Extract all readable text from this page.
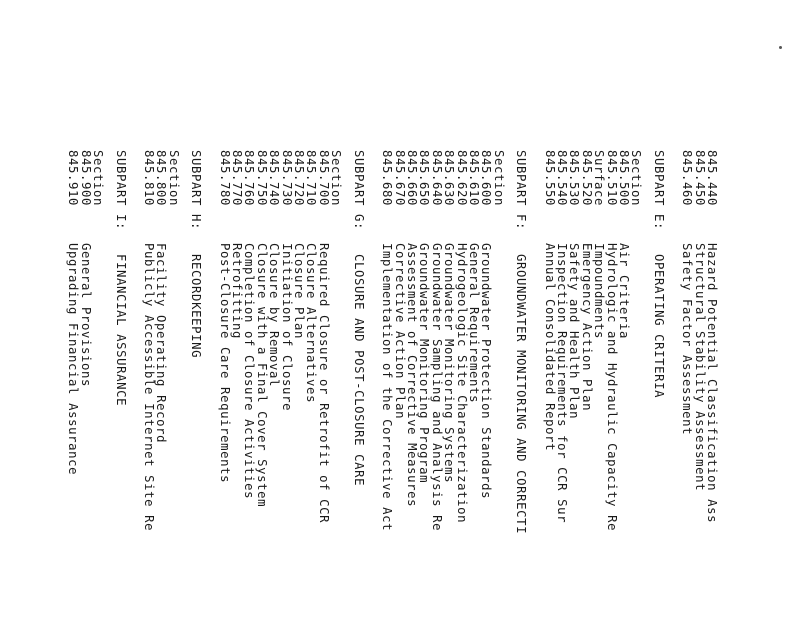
845.440
Hazard Potential Classification Ass
845.450
Structural Stability Assessment
845.460
Safety Factor Assessment
SUBPART E:   OPERATING CRITERIA
Section
845.500
Air Criteria
845.510
Hydrologic and Hydraulic Capacity Re
Surface
Impoundments
845.520
Emergency Action Plan
845.530
Safety and Health Plan
845.540
Inspection Requirements for CCR Sur
845.550
Annual Consolidated Report
SUBPART F:   GROUNDWATER MONITORING AND CORRECTI
Section
845.600
Groundwater Protection Standards
845.610
General Requirements
845.620
Hydrogeologic Site Characterization
845.630
Groundwater Monitoring Systems
845.640
Groundwater Sampling and Analysis Re
845.650
Groundwater Monitoring Program
845.660
Assessment of Corrective Measures
845.670
Corrective Action Plan
845.680
Implementation of the Corrective Act
SUBPART G:   CLOSURE AND POST-CLOSURE CARE
Section
845.700
Required Closure or Retrofit of CCR
845.710
Closure Alternatives
845.720
Closure Plan
845.730
Initiation of Closure
845.740
Closure by Removal
845.750
Closure with a Final Cover System
845.760
Completion of Closure Activities
845.770
Retrofitting
845.780
Post-Closure Care Requirements
SUBPART H:   RECORDKEEPING
Section
845.800
Facility Operating Record
845.810
Publicly Accessible Internet Site Re
SUBPART I:   FINANCIAL ASSURANCE
Section
845.900
General Provisions
845.910
Upgrading Financial Assurance
